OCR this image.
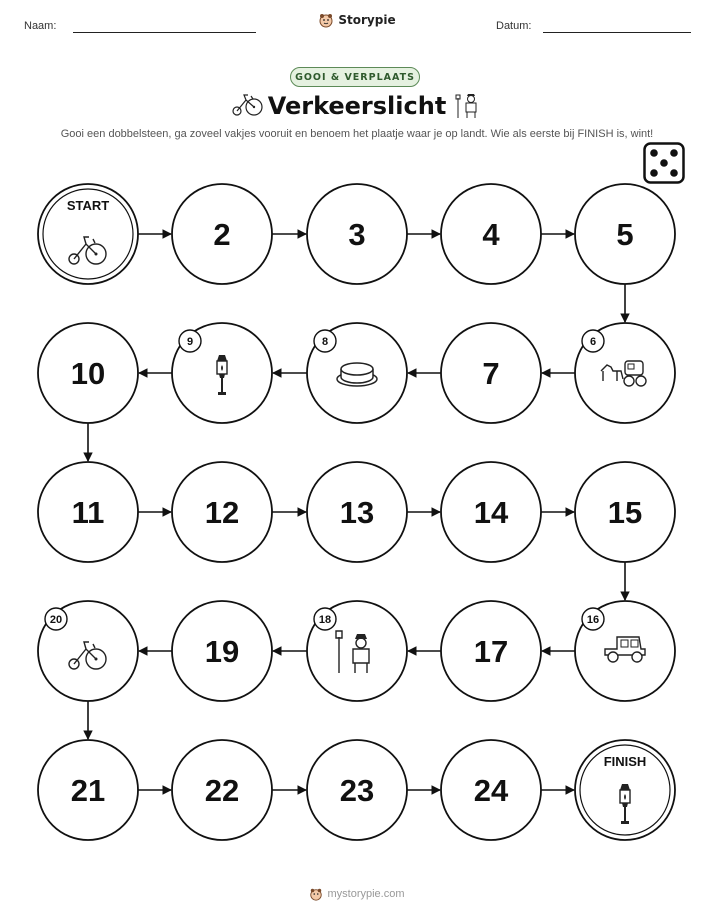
Naam:	Datum:
Storypie
GOOI & VERPLAATS
Verkeerslicht
Gooi een dobbelsteen, ga zoveel vakjes vooruit en benoem het plaatje waar je op landt. Wie als eerste bij FINISH is, wint!
START
2	3	4	5
6
7
8
9
10
11	12	13	14	15
16
17
18
19
20
21	22	23	24
FINISH
mystorypie.com
